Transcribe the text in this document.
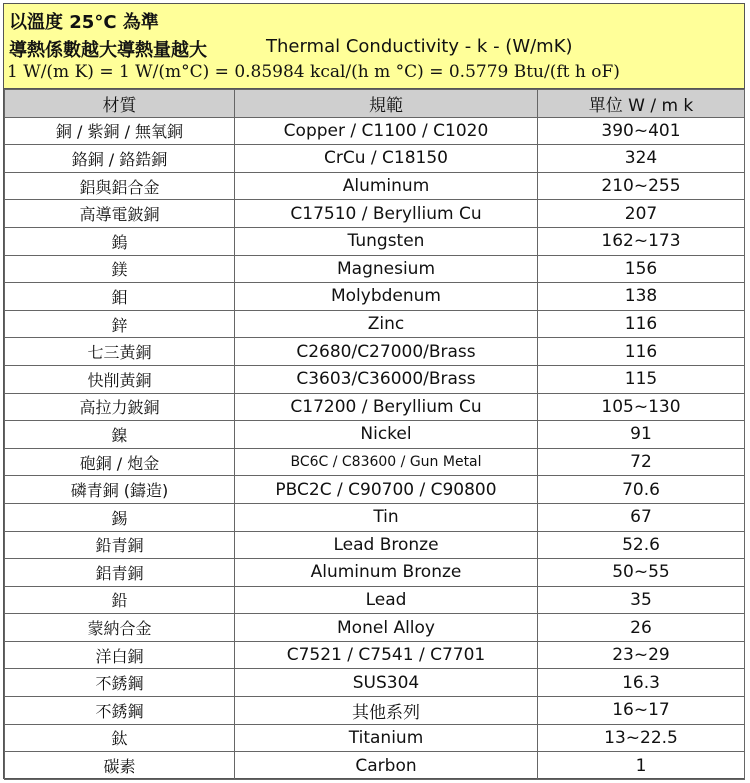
以溫度 25°C 為準
導熱係數越大導熱量越大	Thermal Conductivity - k - (W/mK)
1 W/(m K) = 1 W/(m°C) = 0.85984 kcal/(h m °C) = 0.5779 Btu/(ft h oF)
材質	規範	單位 W / m k
銅 / 紫銅 / 無氧銅	Copper / C1100 / C1020	390~401
鉻銅 / 鉻鋯銅	CrCu / C18150	324
鋁與鋁合金	Aluminum	210~255
高導電鈹銅	C17510 / Beryllium Cu	207
鎢	Tungsten	162~173
鎂	Magnesium	156
鉬	Molybdenum	138
鋅	Zinc	116
七三黃銅	C2680/C27000/Brass	116
快削黃銅	C3603/C36000/Brass	115
高拉力鈹銅	C17200 / Beryllium Cu	105~130
鎳	Nickel	91
砲銅 / 炮金	BC6C / C83600 / Gun Metal	72
磷青銅 (鑄造)	PBC2C / C90700 / C90800	70.6
錫	Tin	67
鉛青銅	Lead Bronze	52.6
鋁青銅	Aluminum Bronze	50~55
鉛	Lead	35
蒙納合金	Monel Alloy	26
洋白銅	C7521 / C7541 / C7701	23~29
不銹鋼	SUS304	16.3
不銹鋼	其他系列	16~17
鈦	Titanium	13~22.5
碳素	Carbon	1
